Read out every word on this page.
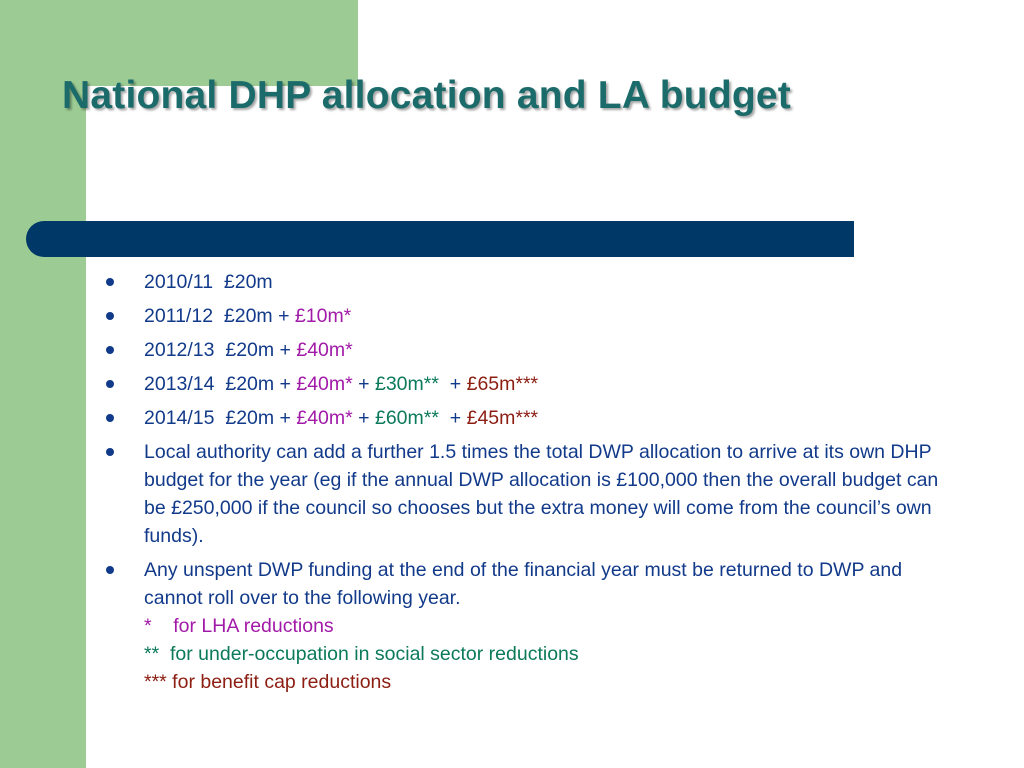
National DHP allocation and LA budget
2010/11 £20m
2011/12 £20m + £10m*
2012/13 £20m + £40m*
2013/14 £20m + £40m* + £30m**  + £65m***
2014/15 £20m + £40m* + £60m**  + £45m***
Local authority can add a further 1.5 times the total DWP allocation to arrive at its own DHP budget for the year (eg if the annual DWP allocation is £100,000 then the overall budget can be £250,000 if the council so chooses but the extra money will come from the council’s own funds).
Any unspent DWP funding at the end of the financial year must be returned to DWP and cannot roll over to the following year.
*    for LHA reductions
**  for under-occupation in social sector reductions
*** for benefit cap reductions
